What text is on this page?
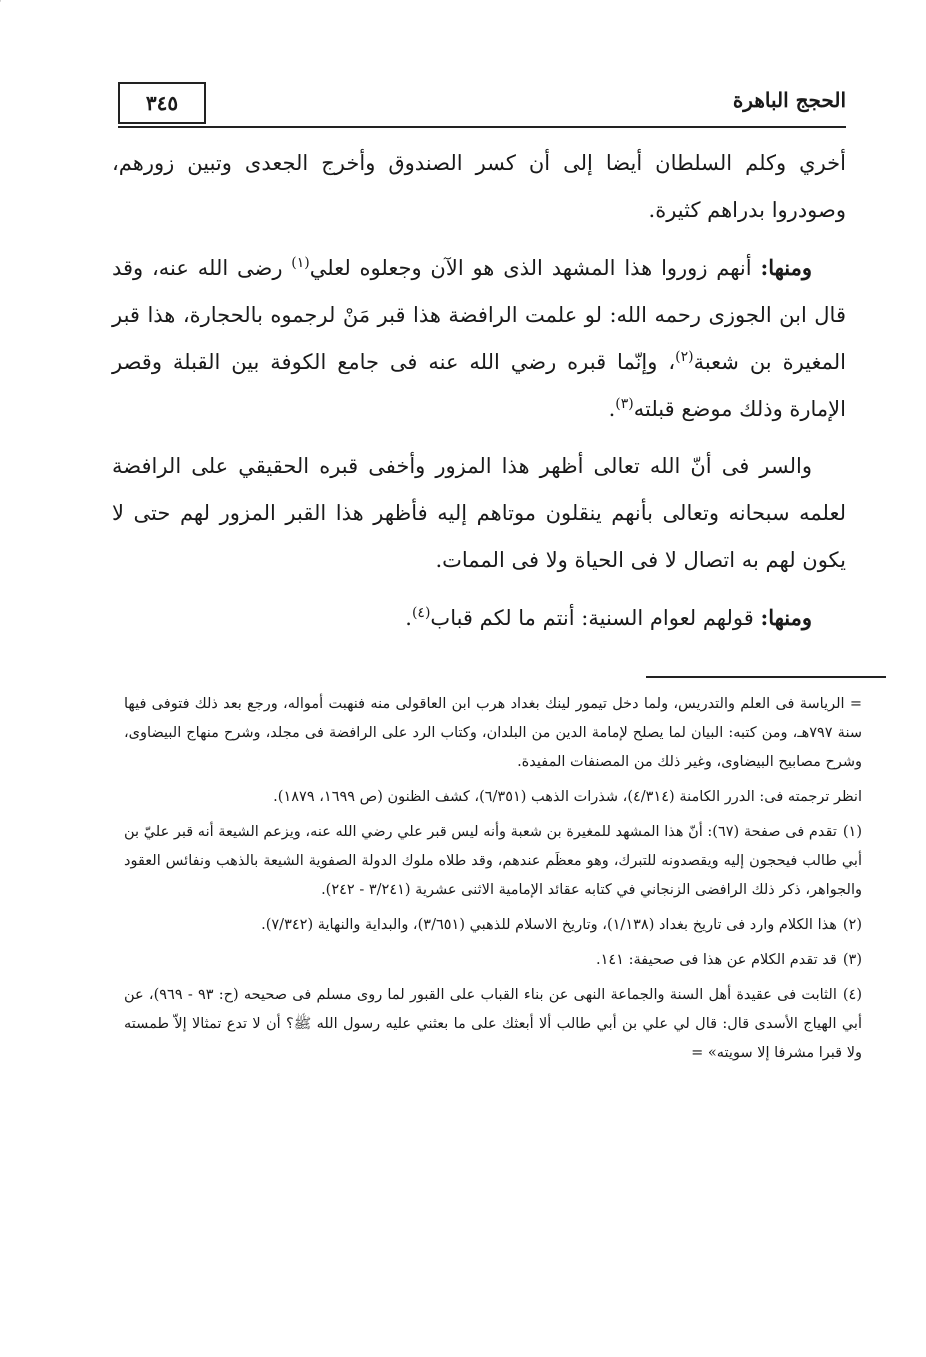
الحجج الباهرة
٣٤٥

أخري وكلم السلطان أيضا إلى أن كسر الصندوق وأخرج الجعدى وتبين زورهم، وصودروا بدراهم كثيرة.

ومنها: أنهم زوروا هذا المشهد الذى هو الآن وجعلوه لعلي$^{(١)}$ رضى الله عنه، وقد قال ابن الجوزى رحمه الله: لو علمت الرافضة هذا قبر مَنْ لرجموه بالحجارة، هذا قبر المغيرة بن شعبة$^{(٢)}$، وإنّما قبره رضي الله عنه فى جامع الكوفة بين القبلة وقصر الإمارة وذلك موضع قبلته$^{(٣)}$.

والسر فى أنّ الله تعالى أظهر هذا المزور وأخفى قبره الحقيقي على الرافضة لعلمه سبحانه وتعالى بأنهم ينقلون موتاهم إليه فأظهر هذا القبر المزور لهم حتى لا يكون لهم به اتصال لا فى الحياة ولا فى الممات.

ومنها: قولهم لعوام السنية: أنتم ما لكم قباب$^{(٤)}$.

= الرياسة فى العلم والتدريس، ولما دخل تيمور لينك بغداد هرب ابن العاقولى منه فنهبت أمواله، ورجع بعد ذلك فتوفى فيها سنة ٧٩٧هـ، ومن كتبه: البيان لما يصلح لإمامة الدين من البلدان، وكتاب الرد على الرافضة فى مجلد، وشرح منهاج البيضاوى، وشرح مصابيح البيضاوى، وغير ذلك من المصنفات المفيدة.

انظر ترجمته فى: الدرر الكامنة (٤/٣١٤)، شذرات الذهب (٦/٣٥١)، كشف الظنون (ص ١٦٩٩، ١٨٧٩).

(١)تقدم فى صفحة (٦٧): أنّ هذا المشهد للمغيرة بن شعبة وأنه ليس قبر علي رضي الله عنه، ويزعم الشيعة أنه قبر عليّ بن أبي طالب فيحجون إليه ويقصدونه للتبرك، وهو معظَم عندهم، وقد طلاه ملوك الدولة الصفوية الشيعة بالذهب ونفائس العقود والجواهر، ذكر ذلك الرافضى الزنجاني في كتابه عقائد الإمامية الاثنى عشرية (٣/٢٤١ - ٢٤٢).

(٢)هذا الكلام وارد فى تاريخ بغداد (١/١٣٨)، وتاريخ الاسلام للذهبي (٣/٦٥١)، والبداية والنهاية (٧/٣٤٢).

(٣)قد تقدم الكلام عن هذا فى صحيفة: ١٤١.

(٤)الثابت فى عقيدة أهل السنة والجماعة النهى عن بناء القباب على القبور لما روى مسلم فى صحيحه (ح: ٩٣ - ٩٦٩)، عن أبي الهياج الأسدى قال: قال لي علي بن أبي طالب ألا أبعثك على ما بعثني عليه رسول الله ﷺ؟ أن لا تدع تمثالا إلاّ طمسته ولا قبرا مشرفا إلا سويته» =
